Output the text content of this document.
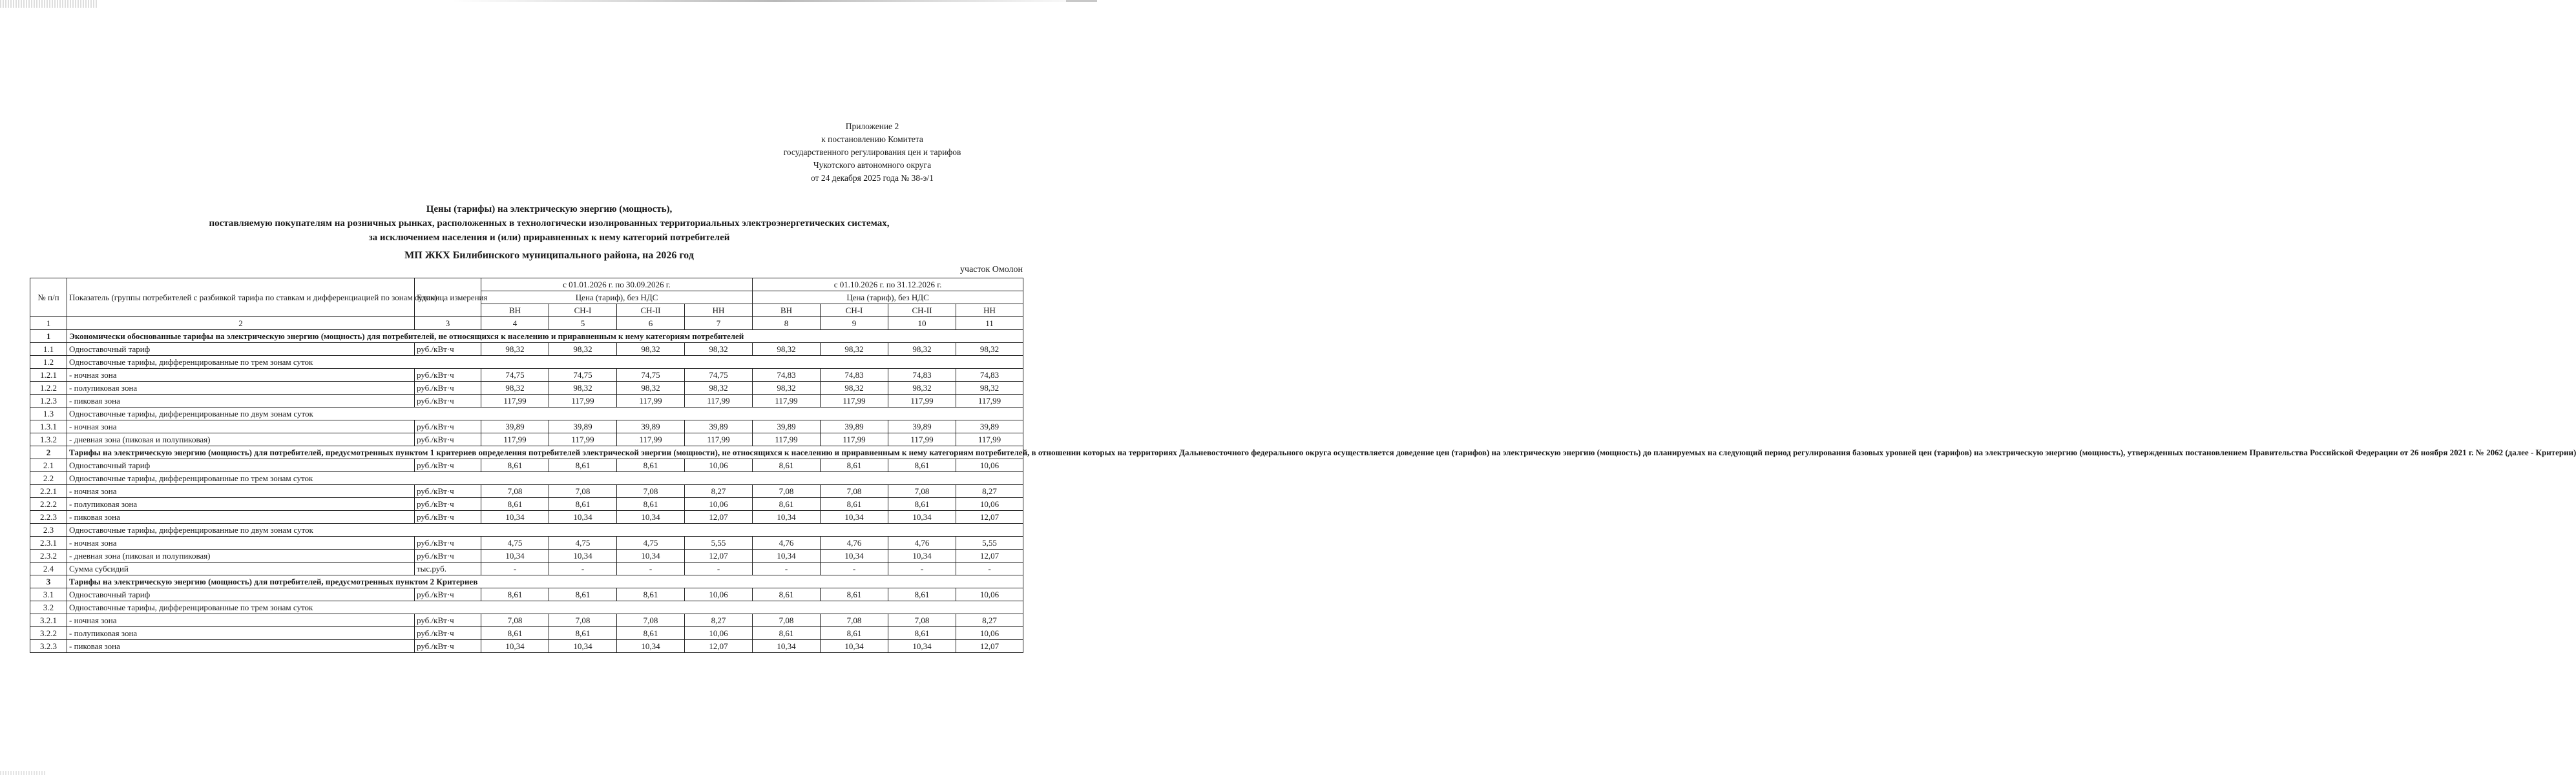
Приложение 2
к постановлению Комитета
государственного регулирования цен и тарифов
Чукотского автономного округа
от 24 декабря 2025 года № 38-э/1
Цены (тарифы) на электрическую энергию (мощность),
поставляемую покупателям на розничных рынках, расположенных в технологически изолированных территориальных электроэнергетических системах,
за исключением населения и (или) приравненных к нему категорий потребителей
МП ЖКХ Билибинского муниципального района, на 2026 год
участок Омолон
№ п/п	Показатель (группы потребителей с разбивкой тарифа по ставкам и дифференциацией по зонам суток)	Единица измерения	с 01.01.2026 г. по 30.09.2026 г.				с 01.10.2026 г. по 31.12.2026 г.			
			Цена (тариф), без НДС				Цена (тариф), без НДС			
			ВН	СН-I	СН-II	НН	ВН	СН-I	СН-II	НН
1	2	3	4	5	6	7	8	9	10	11
1	Экономически обоснованные тарифы на электрическую энергию (мощность) для потребителей, не относящихся к населению и приравненным к нему категориям потребителей									
1.1	Одноставочный тариф	руб./кВт·ч	98,32	98,32	98,32	98,32	98,32	98,32	98,32	98,32
1.2	Одноставочные тарифы, дифференцированные по трем зонам суток									
1.2.1	- ночная зона	руб./кВт·ч	74,75	74,75	74,75	74,75	74,83	74,83	74,83	74,83
1.2.2	- полупиковая зона	руб./кВт·ч	98,32	98,32	98,32	98,32	98,32	98,32	98,32	98,32
1.2.3	- пиковая зона	руб./кВт·ч	117,99	117,99	117,99	117,99	117,99	117,99	117,99	117,99
1.3	Одноставочные тарифы, дифференцированные по двум зонам суток									
1.3.1	- ночная зона	руб./кВт·ч	39,89	39,89	39,89	39,89	39,89	39,89	39,89	39,89
1.3.2	- дневная зона (пиковая и полупиковая)	руб./кВт·ч	117,99	117,99	117,99	117,99	117,99	117,99	117,99	117,99
2	Тарифы на электрическую энергию (мощность) для потребителей, предусмотренных пунктом 1 критериев определения потребителей электрической энергии (мощности), не относящихся к населению и приравненным к нему категориям потребителей, в отношении которых на территориях Дальневосточного федерального округа осуществляется доведение цен (тарифов) на электрическую энергию (мощность) до планируемых на следующий период регулирования базовых уровней цен (тарифов) на электрическую энергию (мощность), утвержденных постановлением Правительства Российской Федерации от 26 ноября 2021 г. № 2062 (далее - Критерии)									
2.1	Одноставочный тариф	руб./кВт·ч	8,61	8,61	8,61	10,06	8,61	8,61	8,61	10,06
2.2	Одноставочные тарифы, дифференцированные по трем зонам суток									
2.2.1	- ночная зона	руб./кВт·ч	7,08	7,08	7,08	8,27	7,08	7,08	7,08	8,27
2.2.2	- полупиковая зона	руб./кВт·ч	8,61	8,61	8,61	10,06	8,61	8,61	8,61	10,06
2.2.3	- пиковая зона	руб./кВт·ч	10,34	10,34	10,34	12,07	10,34	10,34	10,34	12,07
2.3	Одноставочные тарифы, дифференцированные по двум зонам суток									
2.3.1	- ночная зона	руб./кВт·ч	4,75	4,75	4,75	5,55	4,76	4,76	4,76	5,55
2.3.2	- дневная зона (пиковая и полупиковая)	руб./кВт·ч	10,34	10,34	10,34	12,07	10,34	10,34	10,34	12,07
2.4	Сумма субсидий	тыс.руб.	-	-	-	-	-	-	-	-
3	Тарифы на электрическую энергию (мощность) для потребителей, предусмотренных пунктом 2 Критериев									
3.1	Одноставочный тариф	руб./кВт·ч	8,61	8,61	8,61	10,06	8,61	8,61	8,61	10,06
3.2	Одноставочные тарифы, дифференцированные по трем зонам суток									
3.2.1	- ночная зона	руб./кВт·ч	7,08	7,08	7,08	8,27	7,08	7,08	7,08	8,27
3.2.2	- полупиковая зона	руб./кВт·ч	8,61	8,61	8,61	10,06	8,61	8,61	8,61	10,06
3.2.3	- пиковая зона	руб./кВт·ч	10,34	10,34	10,34	12,07	10,34	10,34	10,34	12,07
